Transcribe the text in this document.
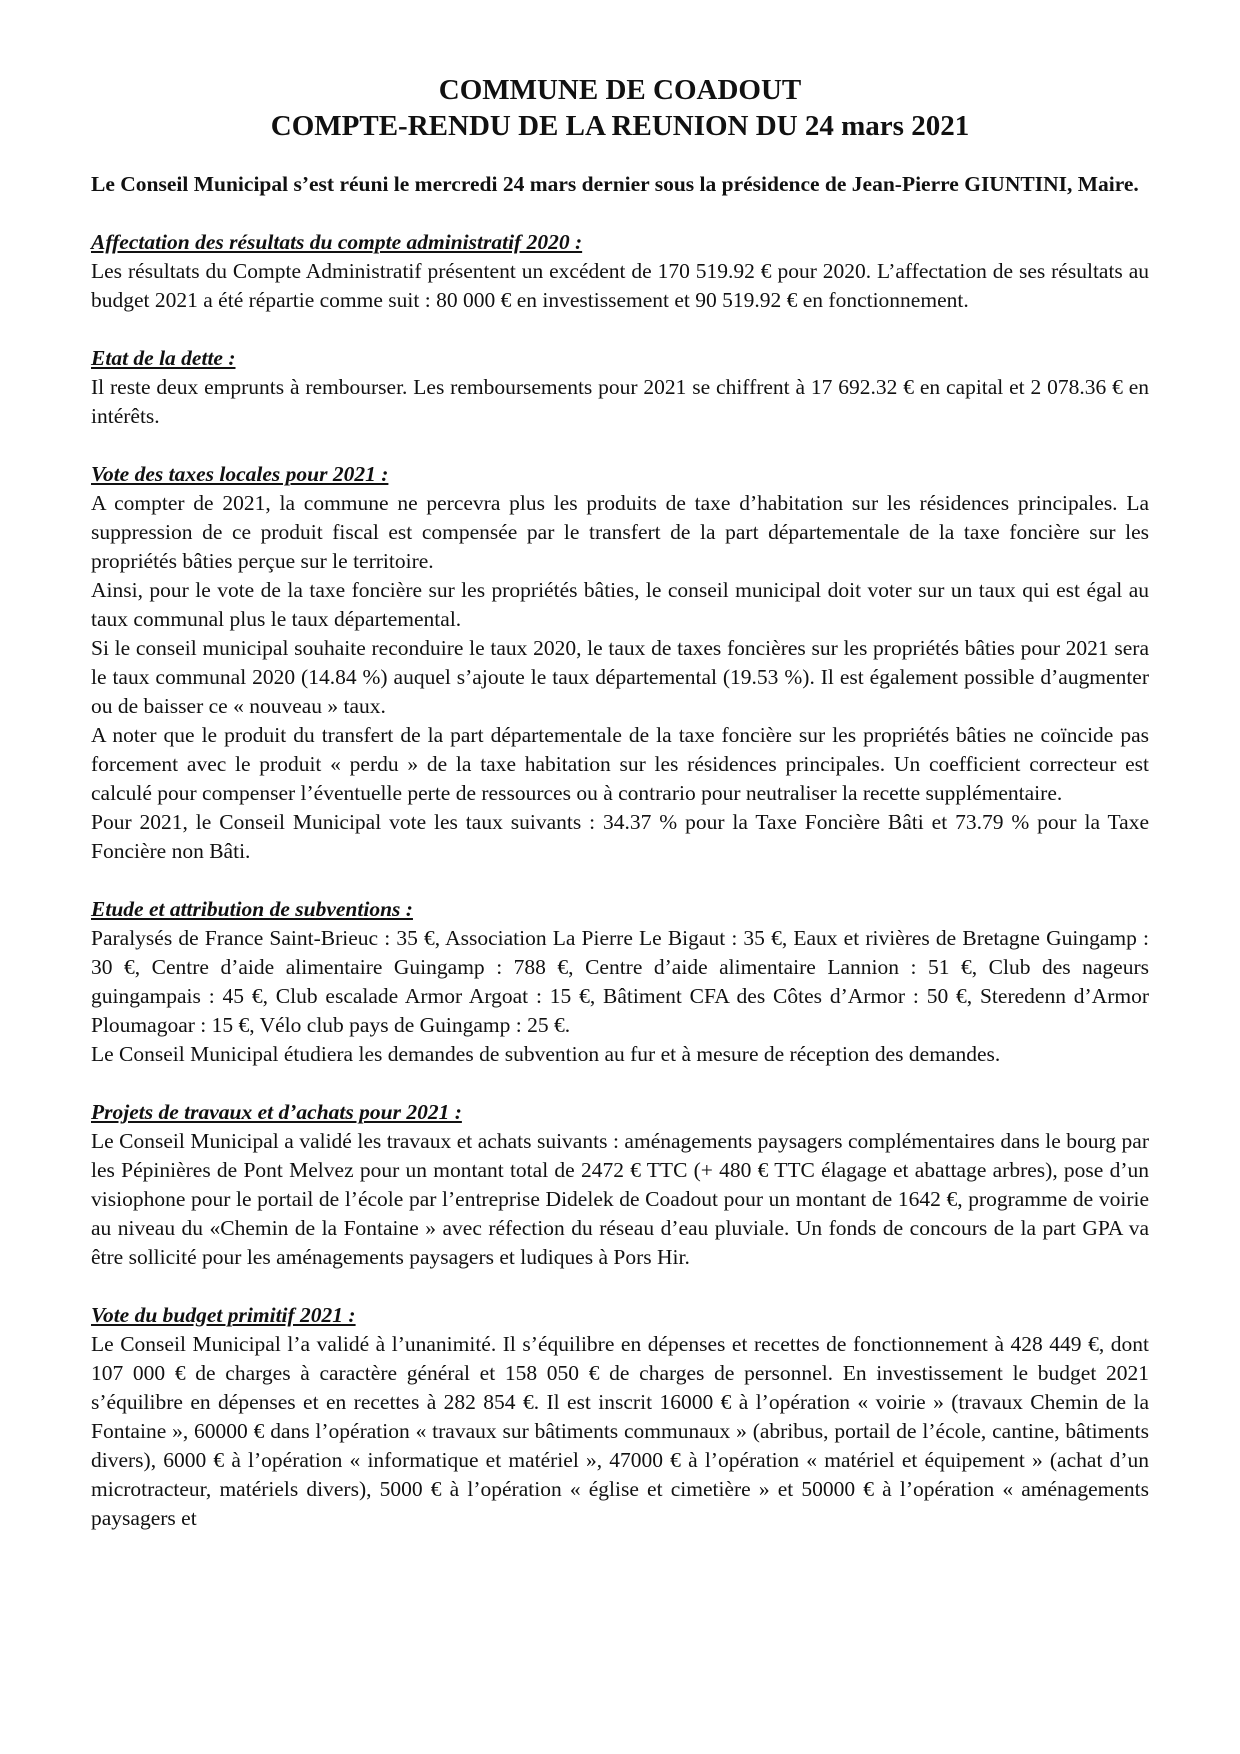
COMMUNE DE COADOUT
COMPTE-RENDU DE LA REUNION DU 24 mars 2021

Le Conseil Municipal s’est réuni le mercredi 24 mars dernier sous la présidence de Jean-Pierre GIUNTINI, Maire.

Affectation des résultats du compte administratif 2020 :

Les résultats du Compte Administratif présentent un excédent de 170 519.92 € pour 2020. L’affectation de ses résultats au budget 2021 a été répartie comme suit : 80 000 € en investissement et 90 519.92 € en fonctionnement.

Etat de la dette :

Il reste deux emprunts à rembourser. Les remboursements pour 2021 se chiffrent à 17 692.32 € en capital et 2 078.36 € en intérêts.

Vote des taxes locales pour 2021 :

A compter de 2021, la commune ne percevra plus les produits de taxe d’habitation sur les résidences principales. La suppression de ce produit fiscal est compensée par le transfert de la part départementale de la taxe foncière sur les propriétés bâties perçue sur le territoire.

Ainsi, pour le vote de la taxe foncière sur les propriétés bâties, le conseil municipal doit voter sur un taux qui est égal au taux communal plus le taux départemental.

Si le conseil municipal souhaite reconduire le taux 2020, le taux de taxes foncières sur les propriétés bâties pour 2021 sera le taux communal 2020 (14.84 %) auquel s’ajoute le taux départemental (19.53 %). Il est également possible d’augmenter ou de baisser ce « nouveau » taux.

A noter que le produit du transfert de la part départementale de la taxe foncière sur les propriétés bâties ne coïncide pas forcement avec le produit « perdu » de la taxe habitation sur les résidences principales. Un coefficient correcteur est calculé pour compenser l’éventuelle perte de ressources ou à contrario pour neutraliser la recette supplémentaire.

Pour 2021, le Conseil Municipal vote les taux suivants : 34.37 % pour la Taxe Foncière Bâti et 73.79 % pour la Taxe Foncière non Bâti.

Etude et attribution de subventions :

Paralysés de France Saint-Brieuc : 35 €, Association La Pierre Le Bigaut : 35 €, Eaux et rivières de Bretagne Guingamp : 30 €, Centre d’aide alimentaire Guingamp : 788 €, Centre d’aide alimentaire Lannion : 51 €, Club des nageurs guingampais : 45 €, Club escalade Armor Argoat : 15 €, Bâtiment CFA des Côtes d’Armor : 50 €, Steredenn d’Armor Ploumagoar : 15 €, Vélo club pays de Guingamp : 25 €.

Le Conseil Municipal étudiera les demandes de subvention au fur et à mesure de réception des demandes.

Projets de travaux et d’achats pour 2021 :

Le Conseil Municipal a validé les travaux et achats suivants : aménagements paysagers complémentaires dans le bourg par les Pépinières de Pont Melvez pour un montant total de 2472 € TTC (+ 480 € TTC élagage et abattage arbres), pose d’un visiophone pour le portail de l’école par l’entreprise Didelek de Coadout pour un montant de 1642 €, programme de voirie au niveau du «Chemin de la Fontaine » avec réfection du réseau d’eau pluviale. Un fonds de concours de la part GPA va être sollicité pour les aménagements paysagers et ludiques à Pors Hir.

Vote du budget primitif 2021 :

Le Conseil Municipal l’a validé à l’unanimité. Il s’équilibre en dépenses et recettes de fonctionnement à 428 449 €, dont 107 000 € de charges à caractère général et 158 050 € de charges de personnel. En investissement le budget 2021 s’équilibre en dépenses et en recettes à 282 854 €. Il est inscrit 16000 € à l’opération « voirie » (travaux Chemin de la Fontaine », 60000 € dans l’opération « travaux sur bâtiments communaux » (abribus, portail de l’école, cantine, bâtiments divers), 6000 € à l’opération « informatique et matériel », 47000 € à l’opération « matériel et équipement » (achat d’un microtracteur, matériels divers), 5000 € à l’opération « église et cimetière » et 50000 € à l’opération « aménagements paysagers et
